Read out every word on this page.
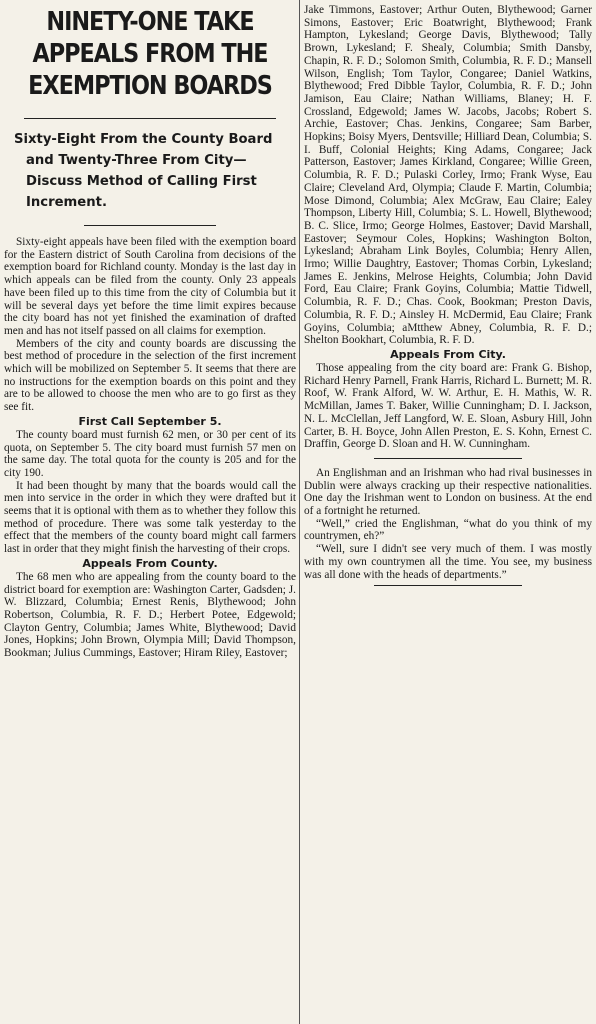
NINETY-ONE TAKE
APPEALS FROM THE
EXEMPTION BOARDS
Sixty-Eight From the County Board and Twenty-Three From City—Discuss Method of Calling First Increment.

Sixty-eight appeals have been filed with the exemption board for the Eastern district of South Carolina from decisions of the exemption board for Richland county. Monday is the last day in which appeals can be filed from the county. Only 23 appeals have been filed up to this time from the city of Columbia but it will be several days yet before the time limit expires because the city board has not yet finished the examination of drafted men and has not itself passed on all claims for exemption.

Members of the city and county boards are discussing the best method of procedure in the selection of the first increment which will be mobilized on September 5. It seems that there are no instructions for the exemption boards on this point and they are to be allowed to choose the men who are to go first as they see fit.

First Call September 5.

The county board must furnish 62 men, or 30 per cent of its quota, on September 5. The city board must furnish 57 men on the same day. The total quota for the county is 205 and for the city 190.

It had been thought by many that the boards would call the men into service in the order in which they were drafted but it seems that it is optional with them as to whether they follow this method of procedure. There was some talk yesterday to the effect that the members of the county board might call farmers last in order that they might finish the harvesting of their crops.

Appeals From County.

The 68 men who are appealing from the county board to the district board for exemption are: Washington Carter, Gadsden; J. W. Blizzard, Columbia; Ernest Renis, Blythewood; John Robertson, Columbia, R. F. D.; Herbert Potee, Edgewold; Clayton Gentry, Columbia; James White, Blythewood; David Jones, Hopkins; John Brown, Olympia Mill; David Thompson, Bookman; Julius Cummings, Eastover; Hiram Riley, Eastover;

Jake Timmons, Eastover; Arthur Outen, Blythewood; Garner Simons, Eastover; Eric Boatwright, Blythewood; Frank Hampton, Lykesland; George Davis, Blythewood; Tally Brown, Lykesland; F. Shealy, Columbia; Smith Dansby, Chapin, R. F. D.; Solomon Smith, Columbia, R. F. D.; Mansell Wilson, English; Tom Taylor, Congaree; Daniel Watkins, Blythewood; Fred Dibble Taylor, Columbia, R. F. D.; John Jamison, Eau Claire; Nathan Williams, Blaney; H. F. Crossland, Edgewold; James W. Jacobs, Jacobs; Robert S. Archie, Eastover; Chas. Jenkins, Congaree; Sam Barber, Hopkins; Boisy Myers, Dentsville; Hilliard Dean, Columbia; S. I. Buff, Colonial Heights; King Adams, Congaree; Jack Patterson, Eastover; James Kirkland, Congaree; Willie Green, Columbia, R. F. D.; Pulaski Corley, Irmo; Frank Wyse, Eau Claire; Cleveland Ard, Olympia; Claude F. Martin, Columbia; Mose Dimond, Columbia; Alex McGraw, Eau Claire; Ealey Thompson, Liberty Hill, Columbia; S. L. Howell, Blythewood; B. C. Slice, Irmo; George Holmes, Eastover; David Marshall, Eastover; Seymour Coles, Hopkins; Washington Bolton, Lykesland; Abraham Link Boyles, Columbia; Henry Allen, Irmo; Willie Daughtry, Eastover; Thomas Corbin, Lykesland; James E. Jenkins, Melrose Heights, Columbia; John David Ford, Eau Claire; Frank Goyins, Columbia; Mattie Tidwell, Columbia, R. F. D.; Chas. Cook, Bookman; Preston Davis, Columbia, R. F. D.; Ainsley H. McDermid, Eau Claire; Frank Goyins, Columbia; aMtthew Abney, Columbia, R. F. D.; Shelton Bookhart, Columbia, R. F. D.

Appeals From City.

Those appealing from the city board are: Frank G. Bishop, Richard Henry Parnell, Frank Harris, Richard L. Burnett; M. R. Roof, W. Frank Alford, W. W. Arthur, E. H. Mathis, W. R. McMillan, James T. Baker, Willie Cunningham; D. I. Jackson, N. L. McClellan, Jeff Langford, W. E. Sloan, Asbury Hill, John Carter, B. H. Boyce, John Allen Preston, E. S. Kohn, Ernest C. Draffin, George D. Sloan and H. W. Cunningham.

An Englishman and an Irishman who had rival businesses in Dublin were always cracking up their respective nationalities. One day the Irishman went to London on business. At the end of a fortnight he returned.

“Well,” cried the Englishman, “what do you think of my countrymen, eh?”

“Well, sure I didn't see very much of them. I was mostly with my own countrymen all the time. You see, my business was all done with the heads of departments.”
